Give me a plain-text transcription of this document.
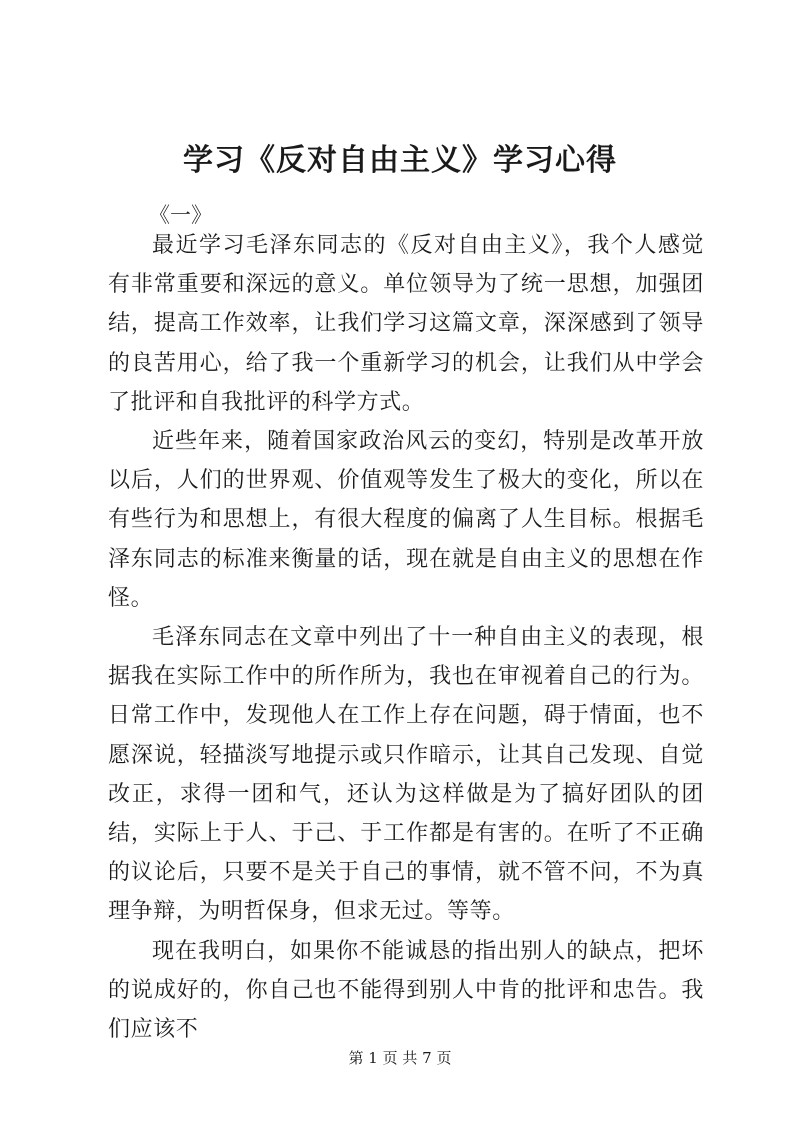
学习《反对自由主义》学习心得
《一》

最近学习毛泽东同志的《反对自由主义》，我个人感觉有非常重要和深远的意义。单位领导为了统一思想，加强团结，提高工作效率，让我们学习这篇文章，深深感到了领导的良苦用心，给了我一个重新学习的机会，让我们从中学会了批评和自我批评的科学方式。

近些年来，随着国家政治风云的变幻，特别是改革开放以后，人们的世界观、价值观等发生了极大的变化，所以在有些行为和思想上，有很大程度的偏离了人生目标。根据毛泽东同志的标准来衡量的话，现在就是自由主义的思想在作怪。

毛泽东同志在文章中列出了十一种自由主义的表现，根据我在实际工作中的所作所为，我也在审视着自己的行为。日常工作中，发现他人在工作上存在问题，碍于情面，也不愿深说，轻描淡写地提示或只作暗示，让其自己发现、自觉改正，求得一团和气，还认为这样做是为了搞好团队的团结，实际上于人、于己、于工作都是有害的。在听了不正确的议论后，只要不是关于自己的事情，就不管不问，不为真理争辩，为明哲保身，但求无过。等等。

现在我明白，如果你不能诚恳的指出别人的缺点，把坏的说成好的，你自己也不能得到别人中肯的批评和忠告。我们应该不

第 1 页 共 7 页
